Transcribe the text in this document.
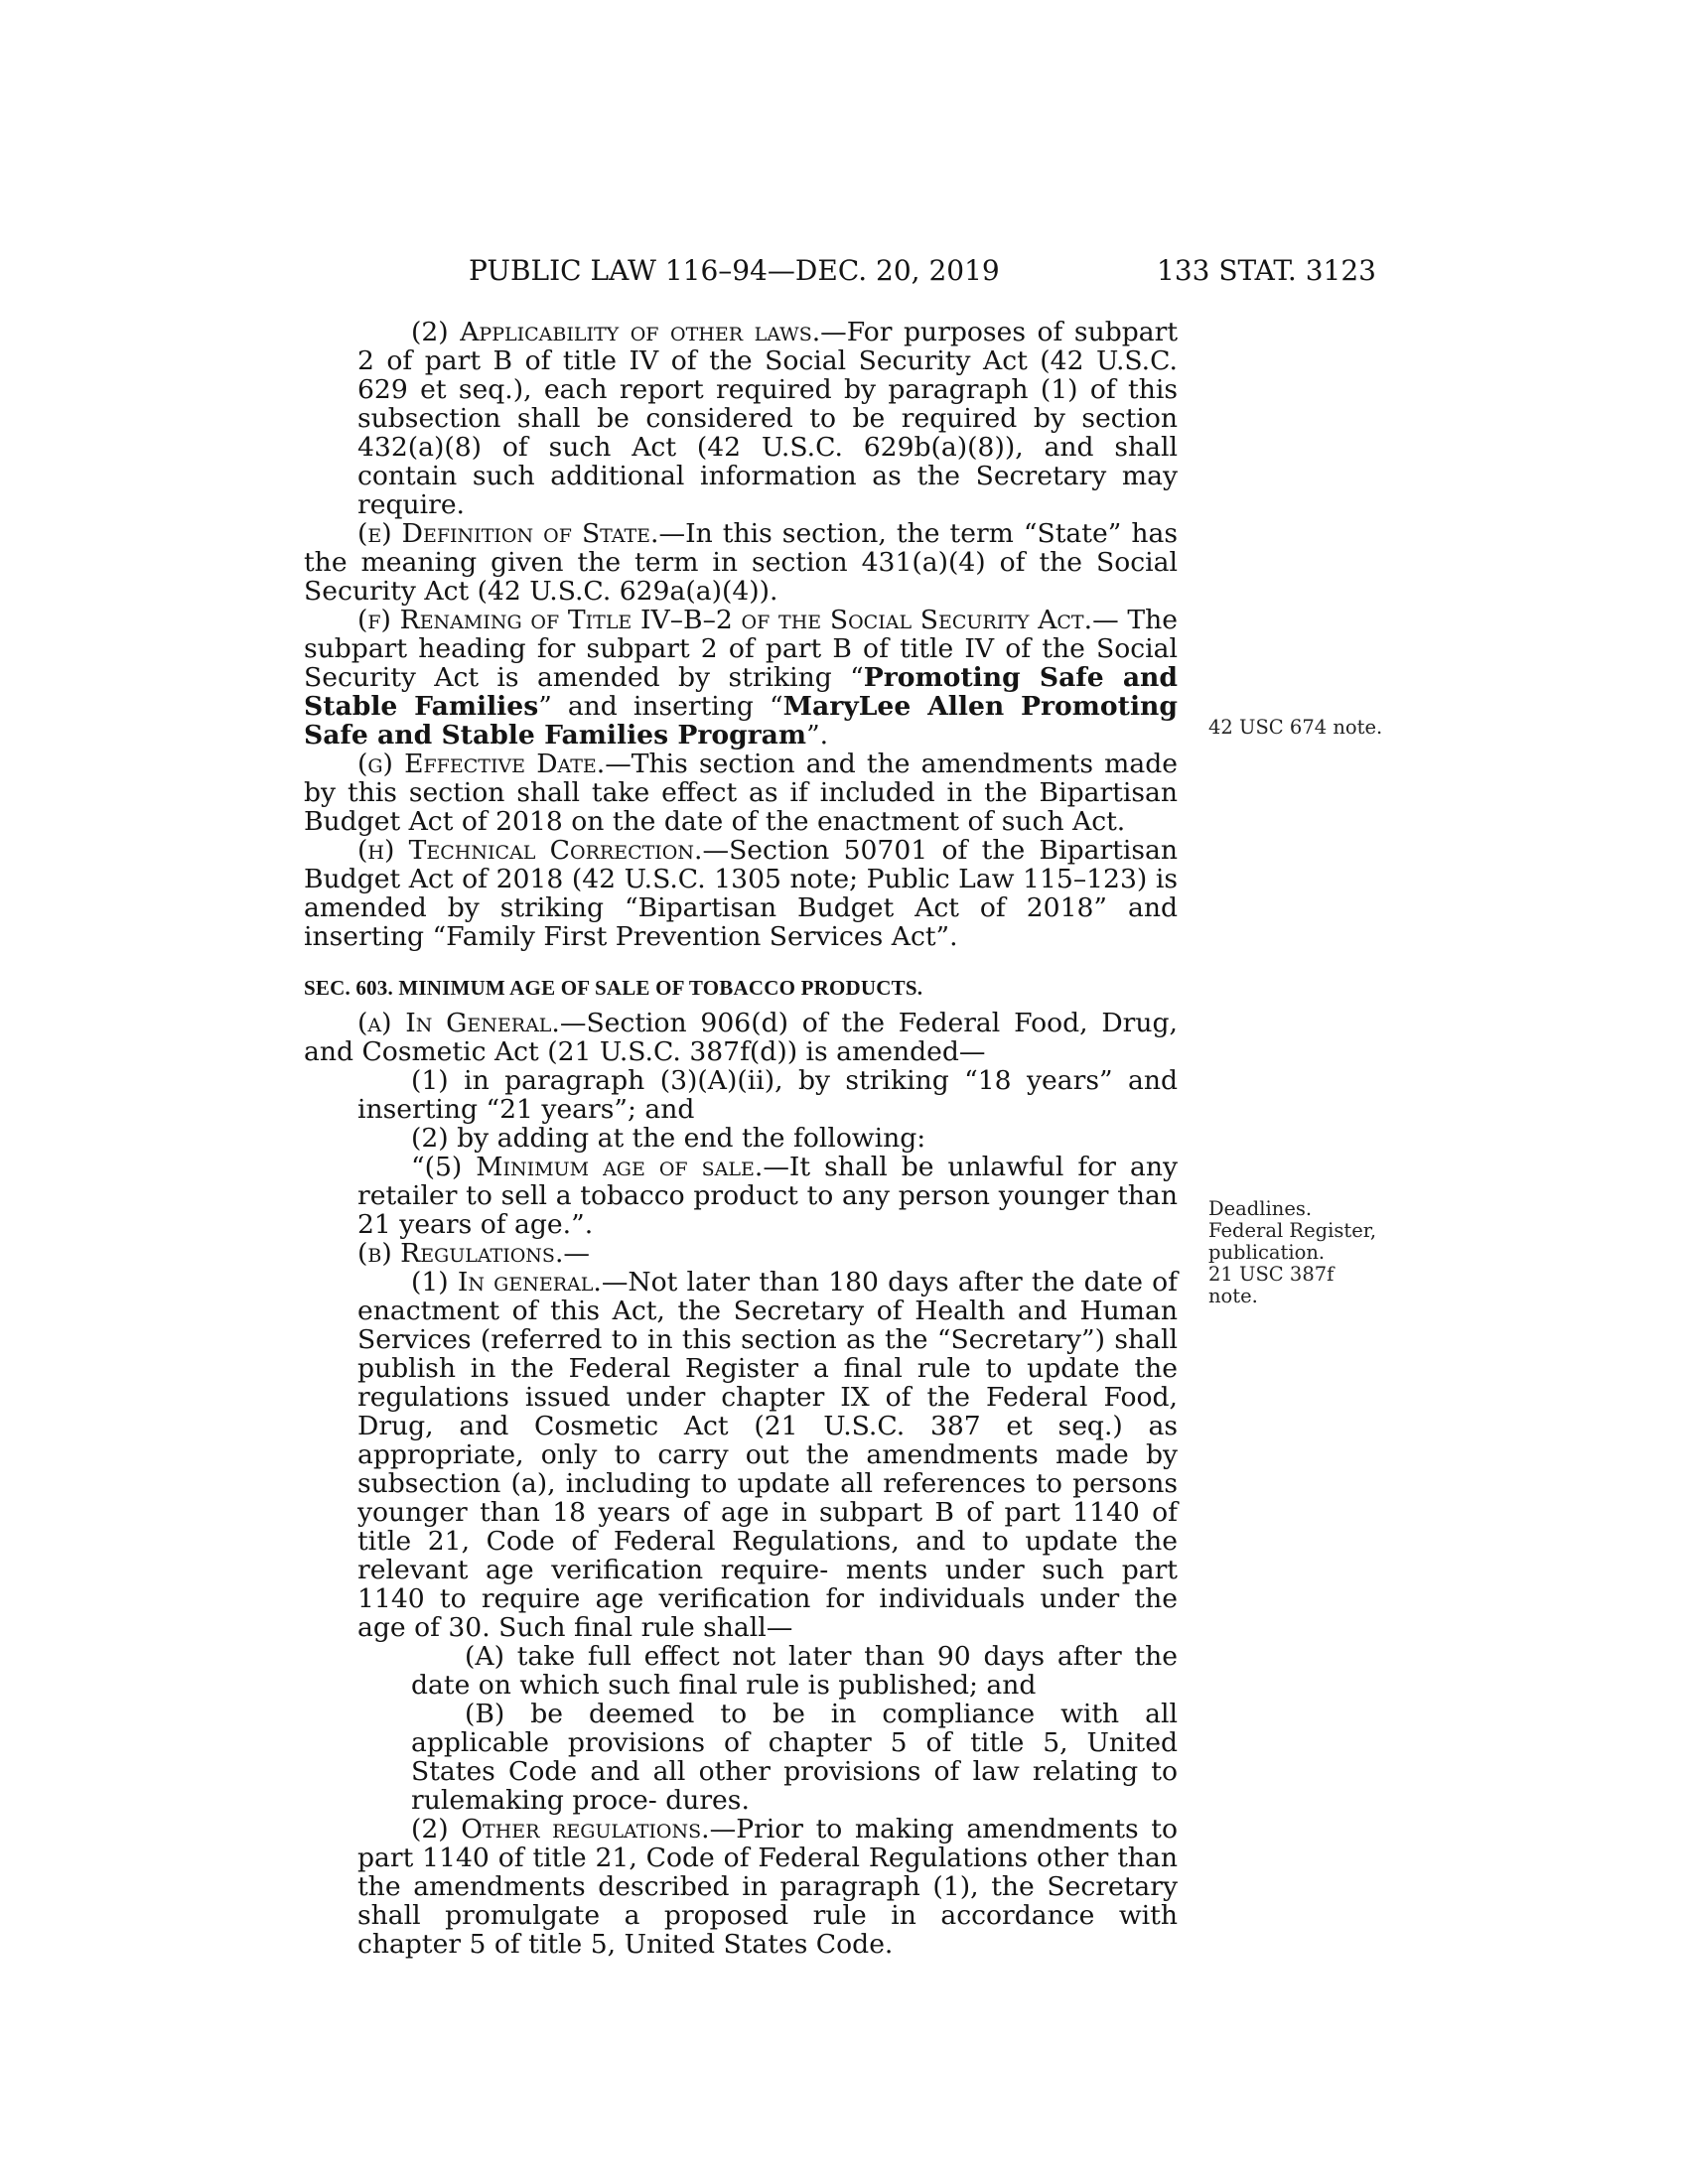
PUBLIC LAW 116–94—DEC. 20, 2019	133 STAT. 3123
42 USC 674 note.
Deadlines.
Federal Register,
publication.
21 USC 387f
note.
(2) Applicability of other laws.—For purposes of subpart 2 of part B of title IV of the Social Security Act (42 U.S.C. 629 et seq.), each report required by paragraph (1) of this subsection shall be considered to be required by section 432(a)(8) of such Act (42 U.S.C. 629b(a)(8)), and shall contain such additional information as the Secretary may require.
(e) Definition of State.—In this section, the term “State” has the meaning given the term in section 431(a)(4) of the Social Security Act (42 U.S.C. 629a(a)(4)).
(f) Renaming of Title IV–B–2 of the Social Security Act.— The subpart heading for subpart 2 of part B of title IV of the Social Security Act is amended by striking “Promoting Safe and Stable Families” and inserting “MaryLee Allen Promoting Safe and Stable Families Program”.
(g) Effective Date.—This section and the amendments made by this section shall take effect as if included in the Bipartisan Budget Act of 2018 on the date of the enactment of such Act.
(h) Technical Correction.—Section 50701 of the Bipartisan Budget Act of 2018 (42 U.S.C. 1305 note; Public Law 115–123) is amended by striking “Bipartisan Budget Act of 2018” and inserting “Family First Prevention Services Act”.
SEC. 603. MINIMUM AGE OF SALE OF TOBACCO PRODUCTS.
(a) In General.—Section 906(d) of the Federal Food, Drug, and Cosmetic Act (21 U.S.C. 387f(d)) is amended—
(1) in paragraph (3)(A)(ii), by striking “18 years” and inserting “21 years”; and
(2) by adding at the end the following:
“(5) Minimum age of sale.—It shall be unlawful for any retailer to sell a tobacco product to any person younger than 21 years of age.”.
(b) Regulations.—
(1) In general.—Not later than 180 days after the date of enactment of this Act, the Secretary of Health and Human Services (referred to in this section as the “Secretary”) shall publish in the Federal Register a final rule to update the regulations issued under chapter IX of the Federal Food, Drug, and Cosmetic Act (21 U.S.C. 387 et seq.) as appropriate, only to carry out the amendments made by subsection (a), including to update all references to persons younger than 18 years of age in subpart B of part 1140 of title 21, Code of Federal Regulations, and to update the relevant age verification require- ments under such part 1140 to require age verification for individuals under the age of 30. Such final rule shall—
(A) take full effect not later than 90 days after the date on which such final rule is published; and
(B) be deemed to be in compliance with all applicable provisions of chapter 5 of title 5, United States Code and all other provisions of law relating to rulemaking proce- dures.
(2) Other regulations.—Prior to making amendments to part 1140 of title 21, Code of Federal Regulations other than the amendments described in paragraph (1), the Secretary shall promulgate a proposed rule in accordance with chapter 5 of title 5, United States Code.
